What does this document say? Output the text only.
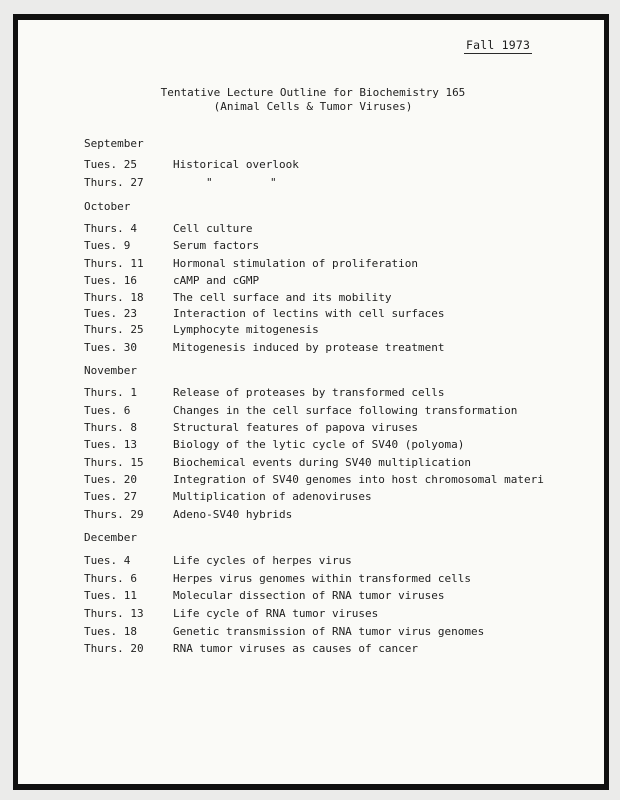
Fall 1973
Tentative Lecture Outline for Biochemistry 165
(Animal Cells & Tumor Viruses)
September
Tues. 25	Historical overlook
Thurs. 27	"	"
October
Thurs. 4	Cell culture
Tues. 9	Serum factors
Thurs. 11	Hormonal stimulation of proliferation
Tues. 16	cAMP and cGMP
Thurs. 18	The cell surface and its mobility
Tues. 23	Interaction of lectins with cell surfaces
Thurs. 25	Lymphocyte mitogenesis
Tues. 30	Mitogenesis induced by protease treatment
November
Thurs. 1	Release of proteases by transformed cells
Tues. 6	Changes in the cell surface following transformation
Thurs. 8	Structural features of papova viruses
Tues. 13	Biology of the lytic cycle of SV40 (polyoma)
Thurs. 15	Biochemical events during SV40 multiplication
Tues. 20	Integration of SV40 genomes into host chromosomal materi
Tues. 27	Multiplication of adenoviruses
Thurs. 29	Adeno-SV40 hybrids
December
Tues. 4	Life cycles of herpes virus
Thurs. 6	Herpes virus genomes within transformed cells
Tues. 11	Molecular dissection of RNA tumor viruses
Thurs. 13	Life cycle of RNA tumor viruses
Tues. 18	Genetic transmission of RNA tumor virus genomes
Thurs. 20	RNA tumor viruses as causes of cancer
